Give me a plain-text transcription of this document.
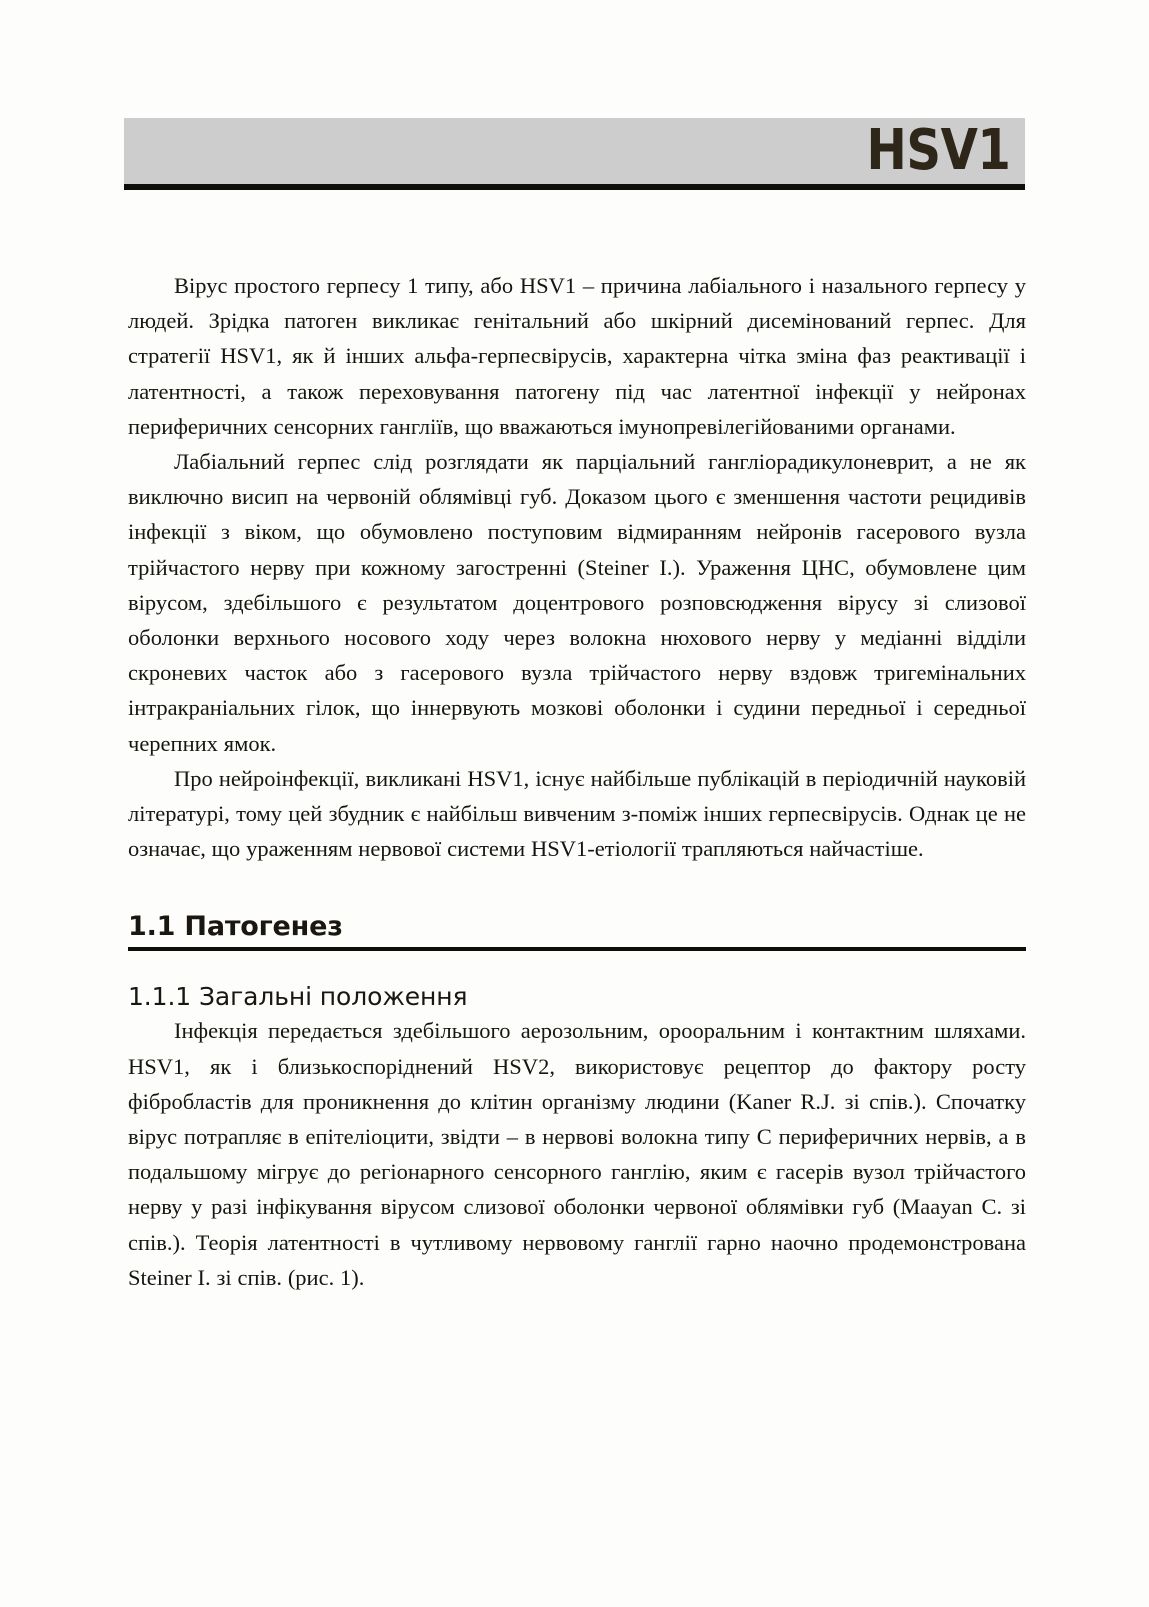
HSV1

Вірус простого герпесу 1 типу, або HSV1 – причина лабіального і назального герпесу у людей. Зрідка патоген викликає генітальний або шкірний дисемінований герпес. Для стратегії HSV1, як й інших альфа-герпесвірусів, характерна чітка зміна фаз реактивації і латентності, а також переховування патогену під час латентної інфекції у нейронах периферичних сенсорних гангліїв, що вважаються імунопревілегійованими органами.

Лабіальний герпес слід розглядати як парціальний гангліорадикулоневрит, а не як виключно висип на червоній облямівці губ. Доказом цього є зменшення частоти рецидивів інфекції з віком, що обумовлено поступовим відмиранням нейронів гасерового вузла трійчастого нерву при кожному загостренні (Steiner I.). Ураження ЦНС, обумовлене цим вірусом, здебільшого є результатом доцентрового розповсюдження вірусу зі слизової оболонки верхнього носового ходу через волокна нюхового нерву у медіанні відділи скроневих часток або з гасерового вузла трійчастого нерву вздовж тригемінальних інтракраніальних гілок, що іннервують мозкові оболонки і судини передньої і середньої черепних ямок.

Про нейроінфекції, викликані HSV1, існує найбільше публікацій в періодичній науковій літературі, тому цей збудник є найбільш вивченим з-поміж інших герпесвірусів. Однак це не означає, що ураженням нервової системи HSV1-етіології трапляються найчастіше.

1.1 Патогенез
1.1.1 Загальні положення

Інфекція передається здебільшого аерозольним, орооральним і контактним шляхами. HSV1, як і близькоспоріднений HSV2, використовує рецептор до фактору росту фібробластів для проникнення до клітин організму людини (Kaner R.J. зі спів.). Спочатку вірус потрапляє в епітеліоцити, звідти – в нервові волокна типу C периферичних нервів, а в подальшому мігрує до регіонарного сенсорного ганглію, яким є гасерів вузол трійчастого нерву у разі інфікування вірусом слизової оболонки червоної облямівки губ (Maayan C. зі спів.). Теорія латентності в чутливому нервовому ганглії гарно наочно продемонстрована Steiner I. зі спів. (рис. 1).
